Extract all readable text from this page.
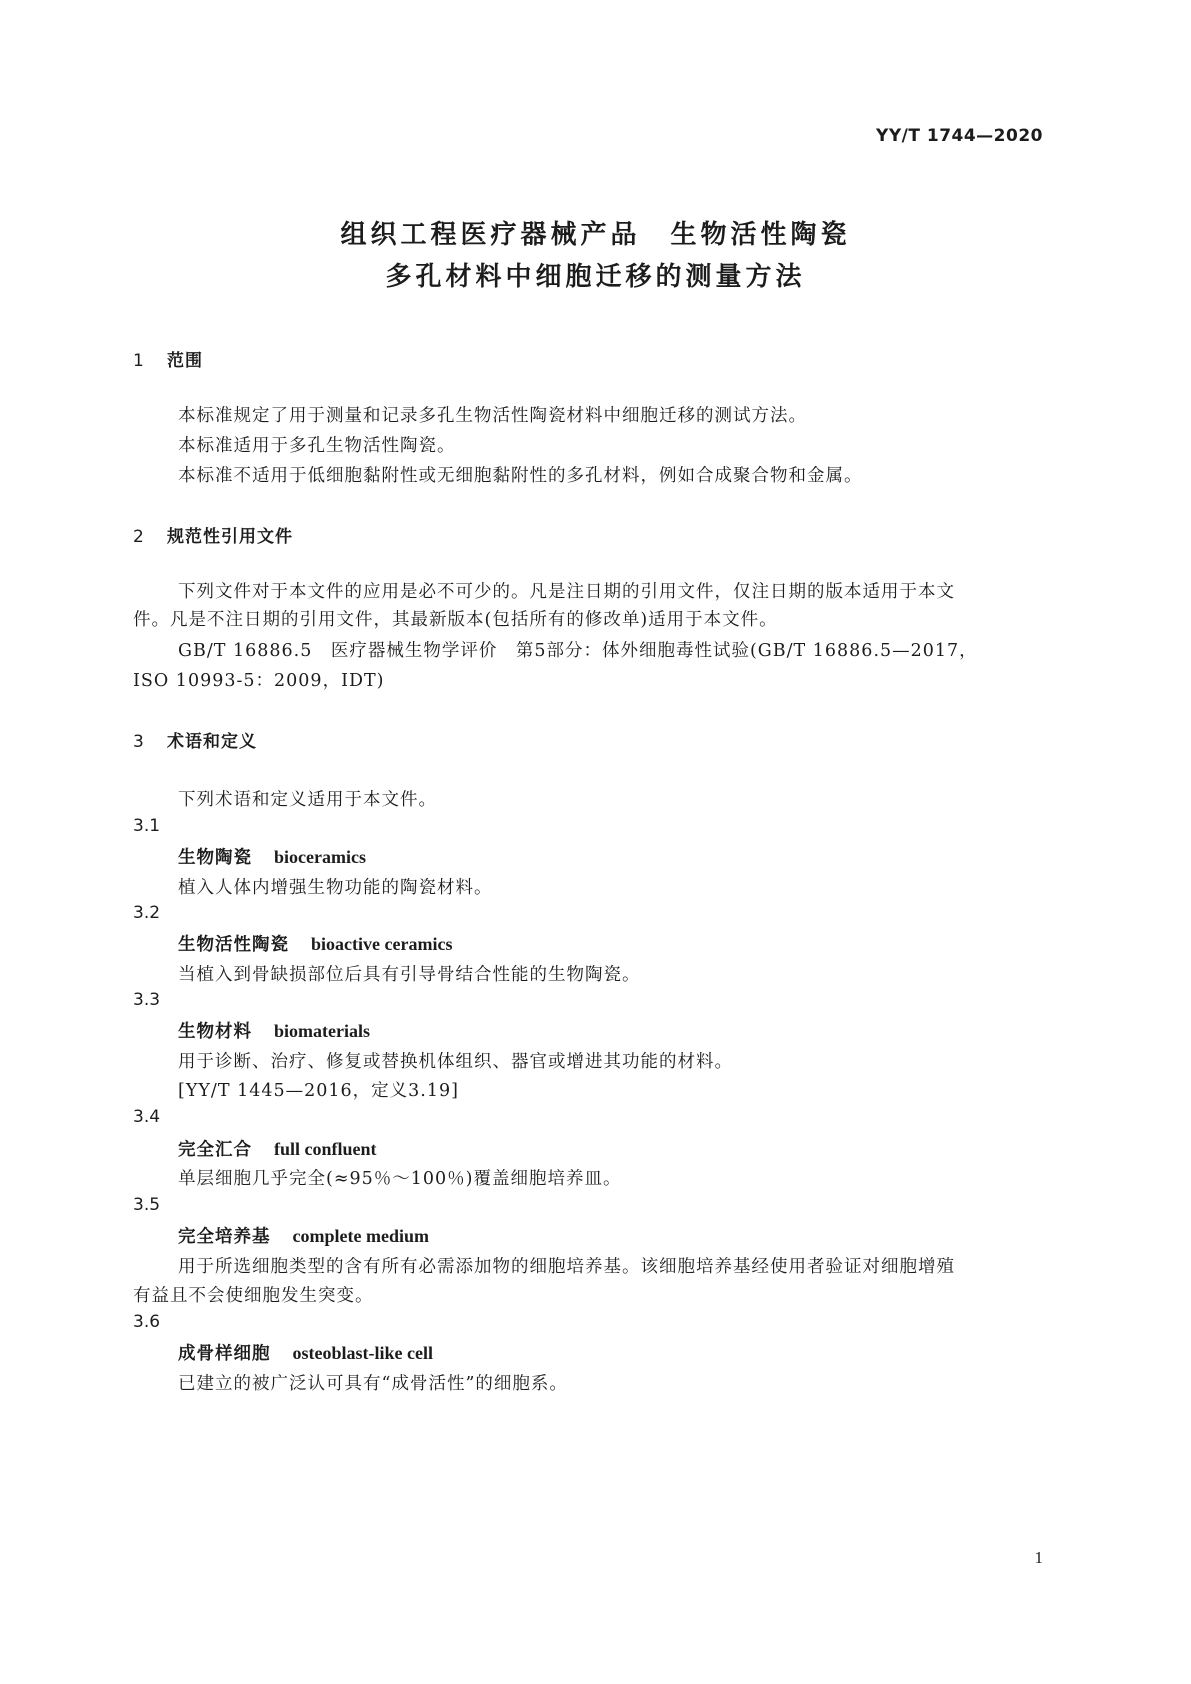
YY/T 1744—2020
组织工程医疗器械产品　生物活性陶瓷
多孔材料中细胞迁移的测量方法
1 范围
本标准规定了用于测量和记录多孔生物活性陶瓷材料中细胞迁移的测试方法。
本标准适用于多孔生物活性陶瓷。
本标准不适用于低细胞黏附性或无细胞黏附性的多孔材料，例如合成聚合物和金属。
2 规范性引用文件
下列文件对于本文件的应用是必不可少的。凡是注日期的引用文件，仅注日期的版本适用于本文
件。凡是不注日期的引用文件，其最新版本(包括所有的修改单)适用于本文件。
GB/T 16886.5　医疗器械生物学评价　第5部分：体外细胞毒性试验(GB/T 16886.5—2017，
ISO 10993-5：2009，IDT)
3 术语和定义
下列术语和定义适用于本文件。
3.1
生物陶瓷 bioceramics
植入人体内增强生物功能的陶瓷材料。
3.2
生物活性陶瓷 bioactive ceramics
当植入到骨缺损部位后具有引导骨结合性能的生物陶瓷。
3.3
生物材料 biomaterials
用于诊断、治疗、修复或替换机体组织、器官或增进其功能的材料。
[YY/T 1445—2016，定义3.19]
3.4
完全汇合 full confluent
单层细胞几乎完全(≈95％～100％)覆盖细胞培养皿。
3.5
完全培养基 complete medium
用于所选细胞类型的含有所有必需添加物的细胞培养基。该细胞培养基经使用者验证对细胞增殖
有益且不会使细胞发生突变。
3.6
成骨样细胞 osteoblast-like cell
已建立的被广泛认可具有“成骨活性”的细胞系。
1
